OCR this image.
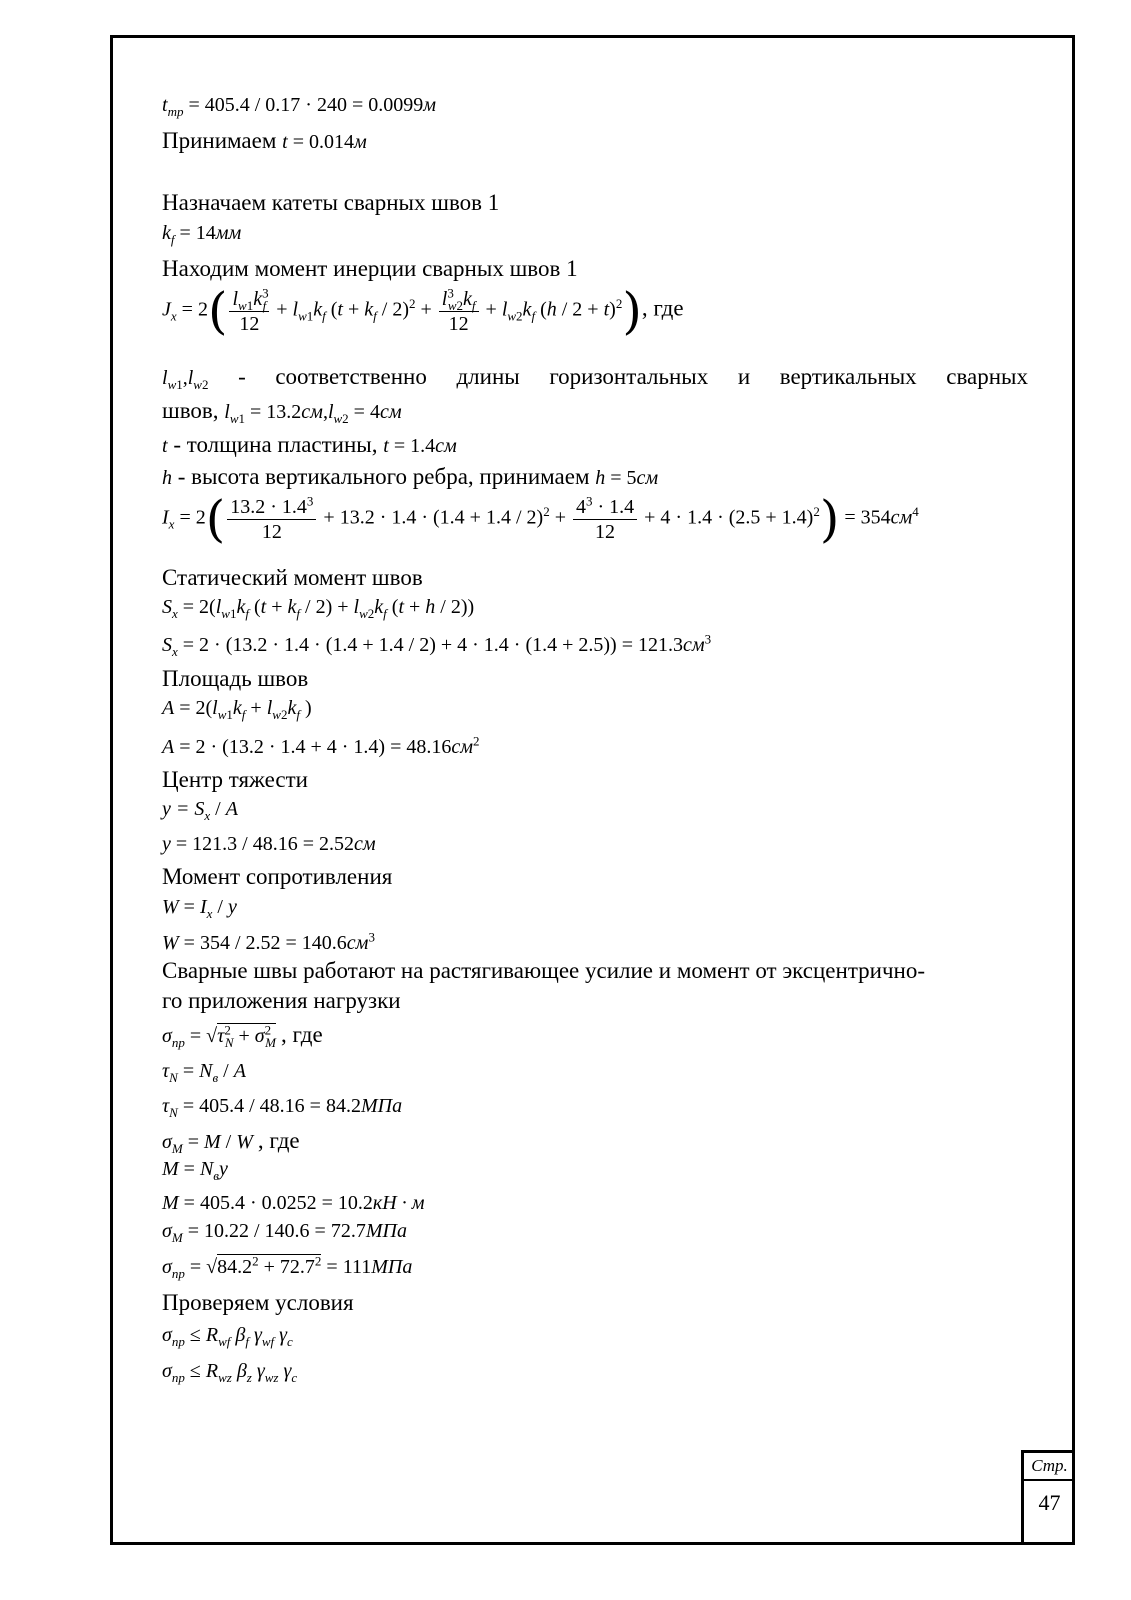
$t_{тр} = 405.4 / 0.17 \cdot 240 = 0.0099м$
Принимаем t = 0.014м
Назначаем катеты сварных швов 1
$k_f = 14мм$
Находим момент инерции сварных швов 1
$J_x = 2( \frac{l_{w1}k^3_f}{12} + l_{w1}k_f$ $(t + k_f / 2)^2 + \frac{l^3_{w2}k_f}{12} + l_{w2}k_f$ $(h / 2 + t)^2$), где
$l_{w1},l_{w2}$ - соответственно длины горизонтальных и вертикальных сварных
швов, $l_{w1} = 13.2см,l_{w2} = 4см$
t - толщина пластины, t = 1.4см
h - высота вертикального ребра, принимаем h = 5см
$I_x = 2( \frac{13.2 \cdot 1.4^3}{12} + 13.2 \cdot 1.4 \cdot (1.4 + 1.4 / 2)^2 + \frac{4^3 \cdot 1.4}{12} + 4 \cdot 1.4 \cdot (2.5 + 1.4)^2) = 354см^4$
Статический момент швов
$S_x = 2(l_{w1}k_f$ $(t + k_f / 2) + l_{w2}k_f$ (t + h / 2))
$S_x = 2 \cdot (13.2 \cdot 1.4 \cdot (1.4 + 1.4 / 2) + 4 \cdot 1.4 \cdot (1.4 + 2.5)) = 121.3см^3$
Площадь швов
$A = 2(l_{w1}k_f + l_{w2}k_f$ )
$A = 2 \cdot (13.2 \cdot 1.4 + 4 \cdot 1.4) = 48.16см^2$
Центр тяжести
$y = S_x / A$
y = 121.3 / 48.16 = 2.52см
Момент сопротивления
$W = I_x / y$
$W = 354 / 2.52 = 140.6см^3$
Сварные швы работают на растягивающее усилие и момент от эксцентрично-
го приложения нагрузки
$\sigma_{пр} = √\tau^2_N + \sigma^2_M$ , где
$\tau_N = N_в / A$
$\tau_N = 405.4 / 48.16 = 84.2МПа$
$\sigma_M = M / W$ , где
$M = N_вy$
M = 405.4 · 0.0252 = 10.2кН · м
$\sigma_M = 10.22 / 140.6 = 72.7МПа$
$\sigma_{пр} = √84.2^2 + 72.7^2 = 111МПа$
Проверяем условия
$\sigma_{пр} \le R_{wf}$ $\beta_f$ $\gamma_{wf}$ $\gamma_c$
$\sigma_{пр} \le R_{wz}$ $\beta_z$ $\gamma_{wz}$ $\gamma_c$
Стр.
47
